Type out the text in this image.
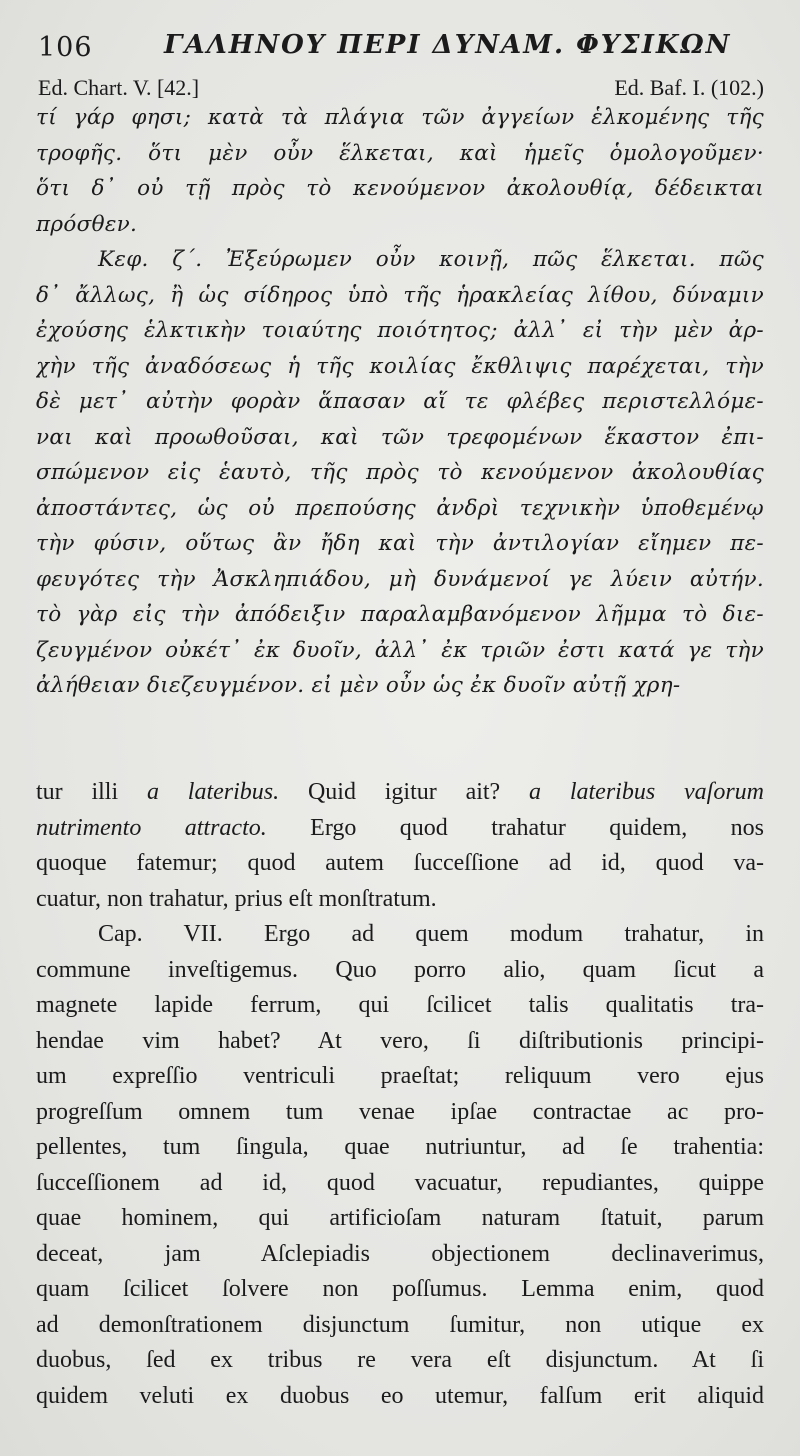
106	ΓΑΛΗΝΟΥ ΠΕΡΙ ΔΥΝΑΜ. ΦΥΣΙΚΩΝ
Ed. Chart. V. [42.]	Ed. Baf. I. (102.)
τί γάρ φησι; κατὰ τὰ πλάγια τῶν ἀγγείων ἑλκομένης τῆς
τροφῆς. ὅτι μὲν οὖν ἕλκεται, καὶ ἡμεῖς ὁμολογοῦμεν·
ὅτι δ᾽ οὐ τῇ πρὸς τὸ κενούμενον ἀκολουθίᾳ, δέδεικται
πρόσθεν.
Κεφ. ζ΄. Ἐξεύρωμεν οὖν κοινῇ, πῶς ἕλκεται. πῶς
δ᾽ ἄλλως, ἢ ὡς σίδηρος ὑπὸ τῆς ἡρακλείας λίθου, δύναμιν
ἐχούσης ἑλκτικὴν τοιαύτης ποιότητος; ἀλλ᾽ εἰ τὴν μὲν ἀρ-
χὴν τῆς ἀναδόσεως ἡ τῆς κοιλίας ἔκθλιψις παρέχεται, τὴν
δὲ μετ᾽ αὐτὴν φορὰν ἅπασαν αἵ τε φλέβες περιστελλόμε-
ναι καὶ προωθοῦσαι, καὶ τῶν τρεφομένων ἕκαστον ἐπι-
σπώμενον εἰς ἑαυτὸ, τῆς πρὸς τὸ κενούμενον ἀκολουθίας
ἀποστάντες, ὡς οὐ πρεπούσης ἀνδρὶ τεχνικὴν ὑποθεμένῳ
τὴν φύσιν, οὕτως ἂν ἤδη καὶ τὴν ἀντιλογίαν εἴημεν πε-
φευγότες τὴν Ἀσκληπιάδου, μὴ δυνάμενοί γε λύειν αὐτήν.
τὸ γὰρ εἰς τὴν ἀπόδειξιν παραλαμβανόμενον λῆμμα τὸ διε-
ζευγμένον οὐκέτ᾽ ἐκ δυοῖν, ἀλλ᾽ ἐκ τριῶν ἐστι κατά γε τὴν
ἀλήθειαν διεζευγμένον. εἰ μὲν οὖν ὡς ἐκ δυοῖν αὐτῇ χρη-
tur illi a lateribus. Quid igitur ait? a lateribus vaſorum
nutrimento attracto. Ergo quod trahatur quidem, nos
quoque fatemur; quod autem ſucceſſione ad id, quod va-
cuatur, non trahatur, prius eſt monſtratum.
Cap. VII. Ergo ad quem modum trahatur, in
commune inveſtigemus. Quo porro alio, quam ſicut a
magnete lapide ferrum, qui ſcilicet talis qualitatis tra-
hendae vim habet? At vero, ſi diſtributionis principi-
um expreſſio ventriculi praeſtat; reliquum vero ejus
progreſſum omnem tum venae ipſae contractae ac pro-
pellentes, tum ſingula, quae nutriuntur, ad ſe trahentia:
ſucceſſionem ad id, quod vacuatur, repudiantes, quippe
quae hominem, qui artificioſam naturam ſtatuit, parum
deceat, jam Aſclepiadis objectionem declinaverimus,
quam ſcilicet ſolvere non poſſumus. Lemma enim, quod
ad demonſtrationem disjunctum ſumitur, non utique ex
duobus, ſed ex tribus re vera eſt disjunctum. At ſi
quidem veluti ex duobus eo utemur, falſum erit aliquid
